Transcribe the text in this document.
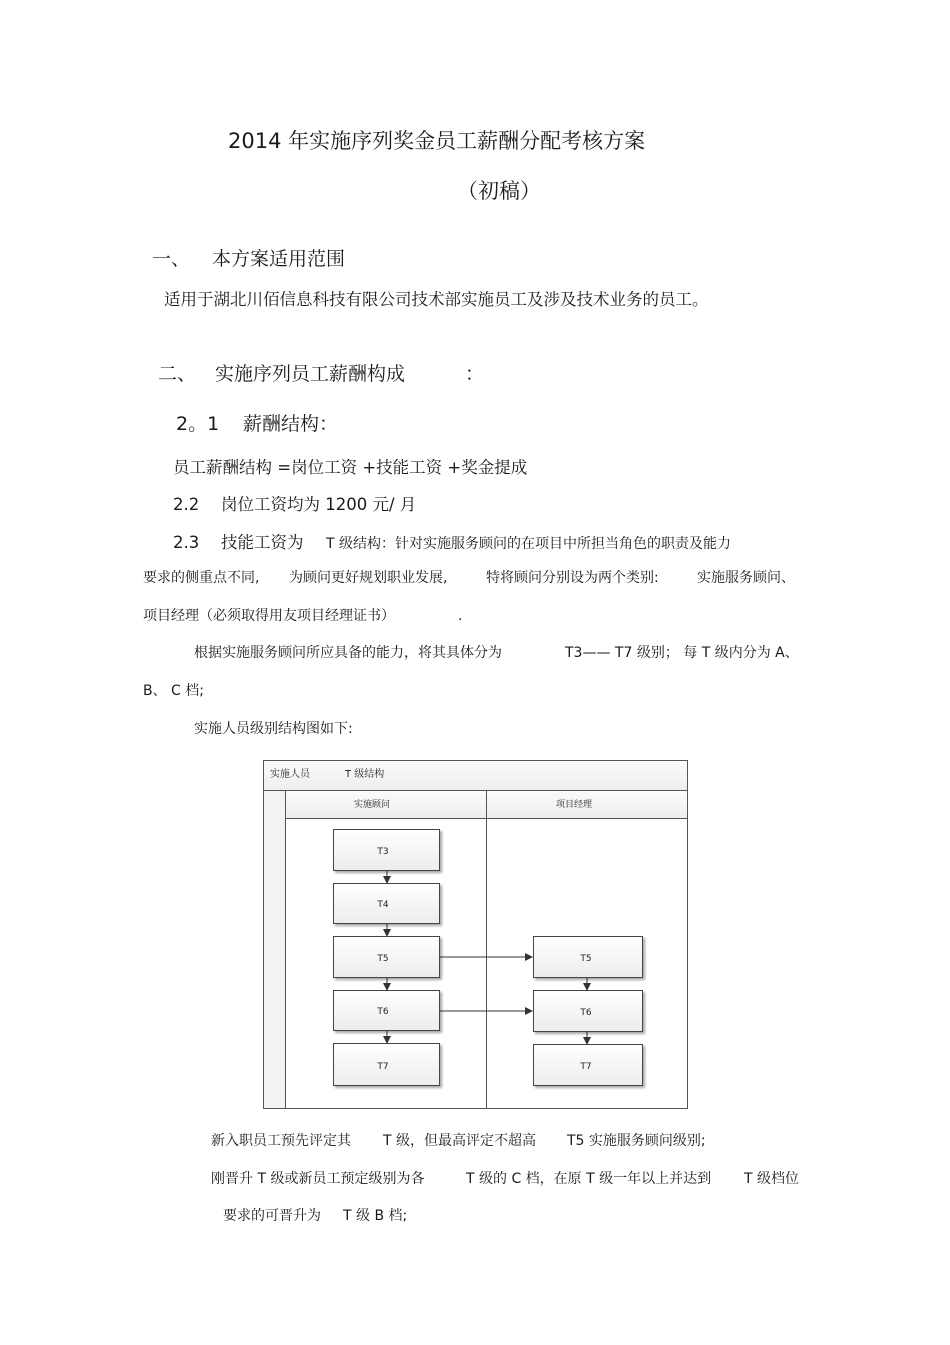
2014 年实施序列奖金员工薪酬分配考核方案
（初稿）
一、 本方案适用范围
适用于湖北川佰信息科技有限公司技术部实施员工及涉及技术业务的员工。
二、 实施序列员工薪酬构成	：
2。1 薪酬结构：
员工薪酬结构 =岗位工资 +技能工资 +奖金提成
2.2 岗位工资均为 1200 元/ 月
2.3 技能工资为 T 级结构：针对实施服务顾问的在项目中所担当角色的职责及能力
要求的侧重点不同, 为顾问更好规划职业发展,	特将顾问分别设为两个类别:	实施服务顾问、
项目经理（必须取得用友项目经理证书）	.
根据实施服务顾问所应具备的能力，将其具体分为	T3—— T7 级别； 每 T 级内分为 A、
B、 C 档;
实施人员级别结构图如下:
实施人员	T 级结构
实施顾问	项目经理
T3
T4
T5
T6
T7
T5
T6
T7
新入职员工预先评定其 T 级，但最高评定不超高 T5 实施服务顾问级别;
刚晋升 T 级或新员工预定级别为各	T 级的 C 档，在原 T 级一年以上并达到 T 级档位
要求的可晋升为 T 级 B 档;
